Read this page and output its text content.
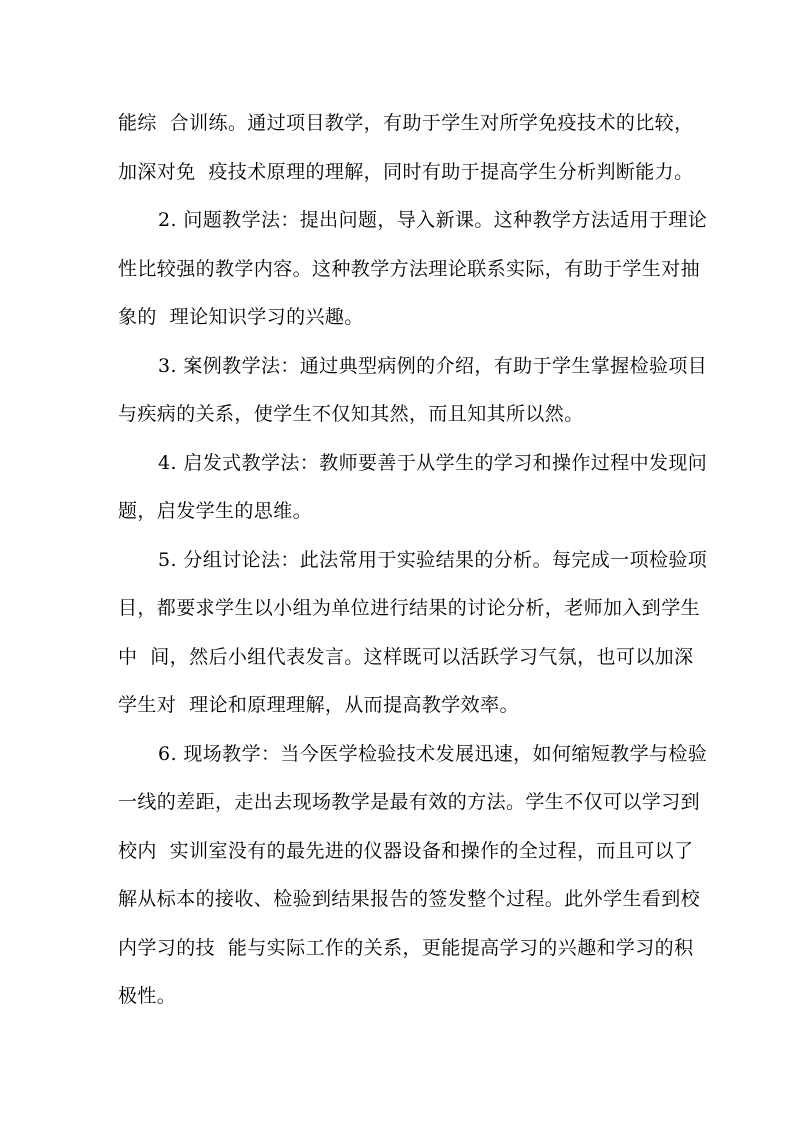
能综  合训练。通过项目教学，有助于学生对所学免疫技术的比较，
加深对免  疫技术原理的理解，同时有助于提高学生分析判断能力。
2. 问题教学法：提出问题，导入新课。这种教学方法适用于理论
性比较强的教学内容。这种教学方法理论联系实际，有助于学生对抽
象的  理论知识学习的兴趣。
3. 案例教学法：通过典型病例的介绍，有助于学生掌握检验项目
与疾病的关系，使学生不仅知其然，而且知其所以然。
4. 启发式教学法：教师要善于从学生的学习和操作过程中发现问
题，启发学生的思维。
5. 分组讨论法：此法常用于实验结果的分析。每完成一项检验项
目，都要求学生以小组为单位进行结果的讨论分析，老师加入到学生
中  间，然后小组代表发言。这样既可以活跃学习气氛，也可以加深
学生对  理论和原理理解，从而提高教学效率。
6. 现场教学：当今医学检验技术发展迅速，如何缩短教学与检验
一线的差距，走出去现场教学是最有效的方法。学生不仅可以学习到
校内  实训室没有的最先进的仪器设备和操作的全过程，而且可以了
解从标本的接收、检验到结果报告的签发整个过程。此外学生看到校
内学习的技  能与实际工作的关系，更能提高学习的兴趣和学习的积
极性。
